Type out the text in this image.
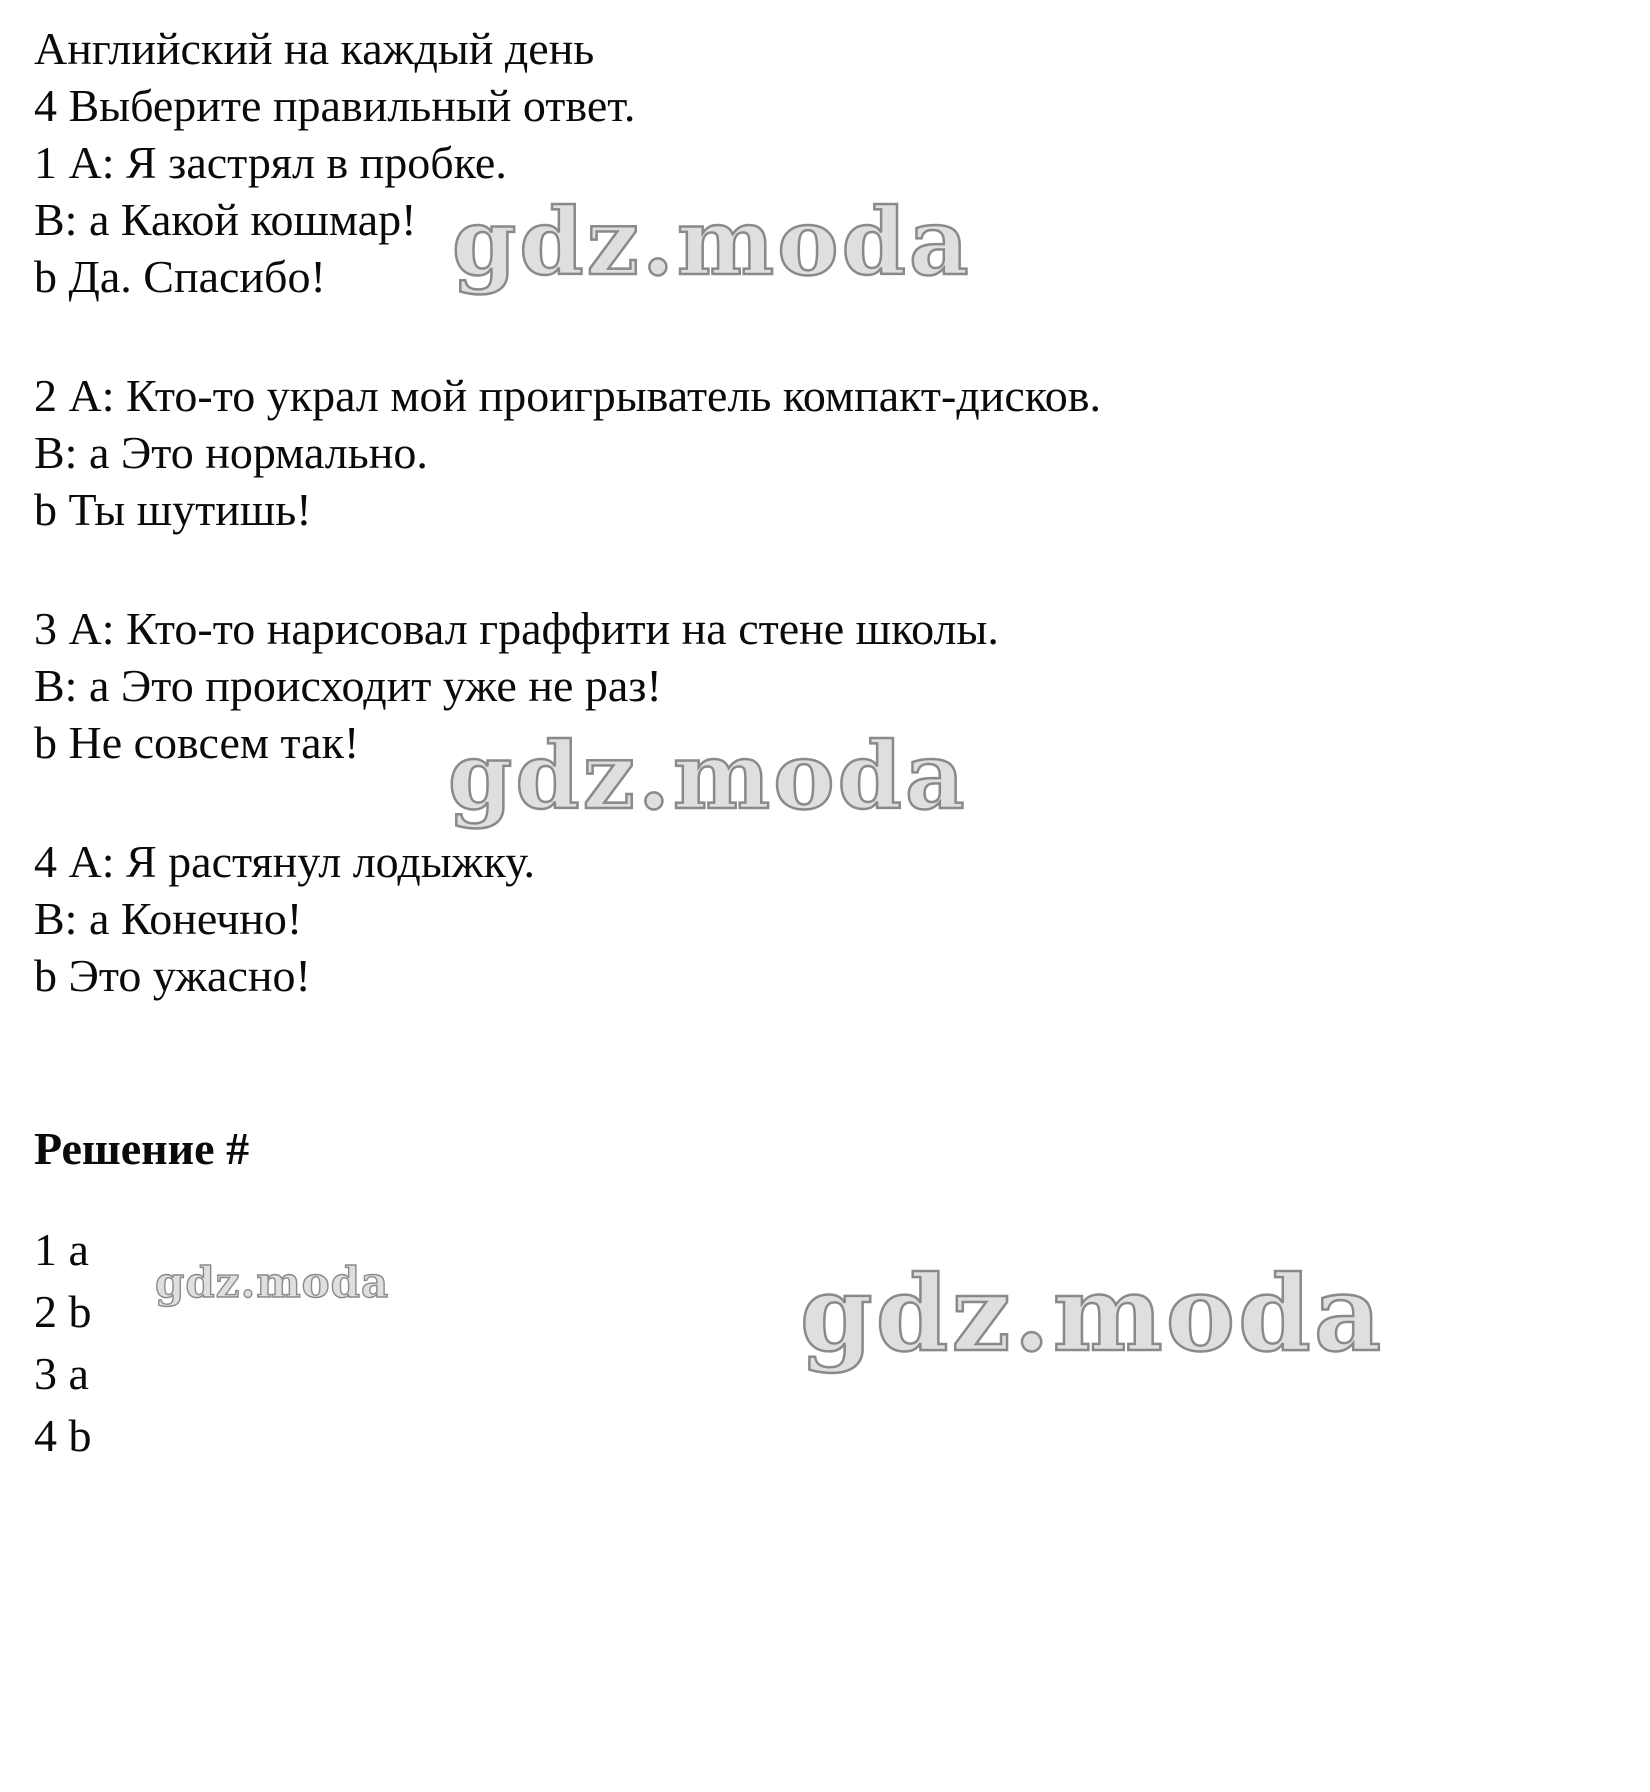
Английский на каждый день

4 Выберите правильный ответ.

1 А: Я застрял в пробке.

В: а Какой кошмар!

b Да. Спасибо!

2 А: Кто-то украл мой проигрыватель компакт-дисков.

В: а Это нормально.

b Ты шутишь!

3 А: Кто-то нарисовал граффити на стене школы.

В: а Это происходит уже не раз!

b Не совсем так!

4 А: Я растянул лодыжку.

В: а Конечно!

b Это ужасно!

Решение #

1 a

2 b

3 a

4 b

gdz.moda
gdz.moda
gdz.moda	gdz.moda
